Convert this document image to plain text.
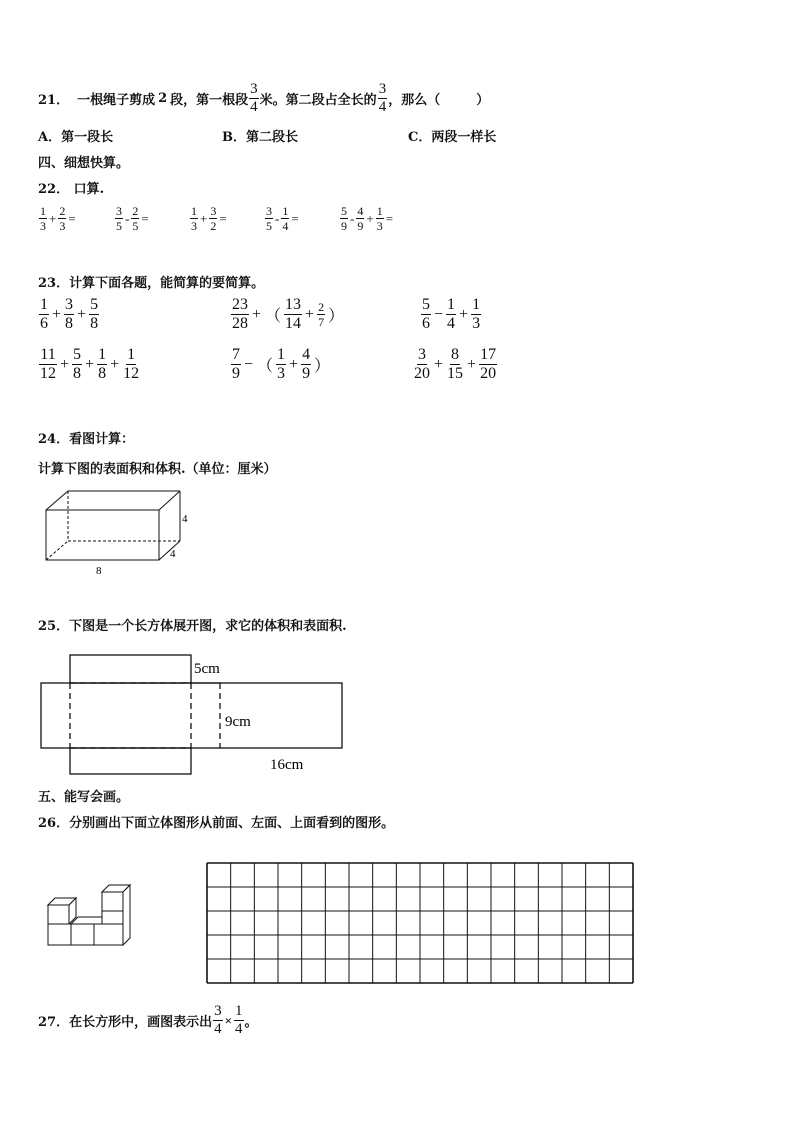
21． 一根绳子剪成 2 段，第一根段 $\frac{3}{4}$ 米。第二段占全长的 $\frac{3}{4}$ ，那么（	）
A．第一段长	B．第二段长	C．两段一样长
四、细想快算。
22． 口算.
$\frac{1}{3} + \frac{2}{3}$ =	$\frac{3}{5} - \frac{2}{5}$ =	$\frac{1}{3} + \frac{3}{2}$ =	$\frac{3}{5} - \frac{1}{4}$ =	$\frac{5}{9} - \frac{4}{9} + \frac{1}{3}$ =
23．计算下面各题，能简算的要简算。
$\frac{1}{6} + \frac{3}{8} + \frac{5}{8}$	$\frac{23}{28}$ + （ $\frac{13}{14} + \frac{2}{7}$ ）	$\frac{5}{6} - \frac{1}{4} + \frac{1}{3}$
$\frac{11}{12} + \frac{5}{8} + \frac{1}{8} + \frac{1}{12}$	$\frac{7}{9}$ − （ $\frac{1}{3} + \frac{4}{9}$ ）	$\frac{3}{20} + \frac{8}{15} + \frac{17}{20}$
24．看图计算：
计算下图的表面积和体积.（单位：厘米）
4
4
8
25．下图是一个长方体展开图，求它的体积和表面积.
5cm
9cm
16cm
五、能写会画。
26．分别画出下面立体图形从前面、左面、上面看到的图形。
27．在长方形中，画图表示出 $\frac{3}{4} \times \frac{1}{4}$ 。
